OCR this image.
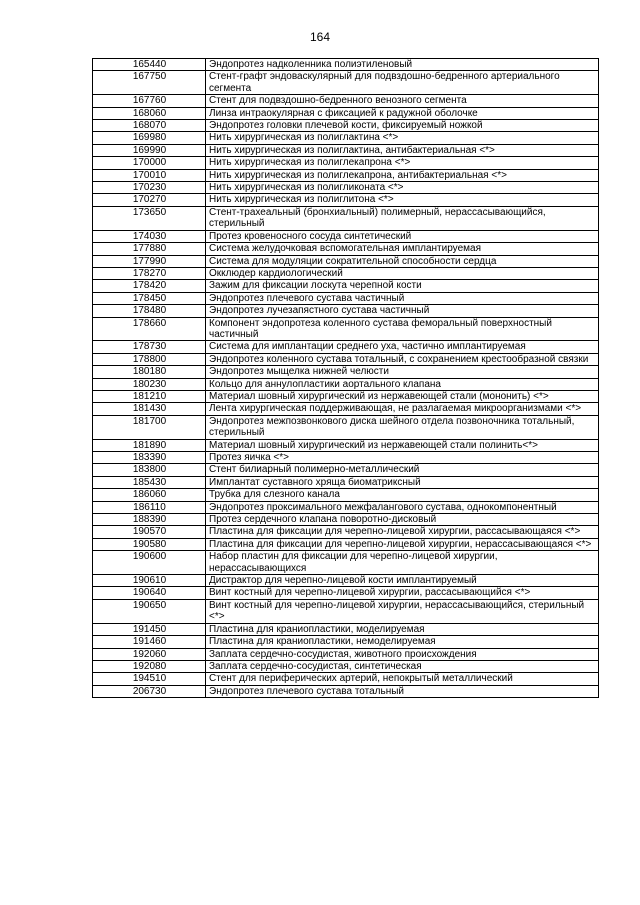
164
165440	Эндопротез надколенника полиэтиленовый
167750	Стент-графт эндоваскулярный для подвздошно-бедренного артериального сегмента
167760	Стент для подвздошно-бедренного венозного сегмента
168060	Линза интраокулярная с фиксацией к радужной оболочке
168070	Эндопротез головки плечевой кости, фиксируемый ножкой
169980	Нить хирургическая из полиглактина <*>
169990	Нить хирургическая из полиглактина, антибактериальная <*>
170000	Нить хирургическая из полиглекапрона <*>
170010	Нить хирургическая из полиглекапрона, антибактериальная <*>
170230	Нить хирургическая из полигликоната <*>
170270	Нить хирургическая из полиглитона <*>
173650	Стент-трахеальный (бронхиальный) полимерный, нерассасывающийся, стерильный
174030	Протез кровеносного сосуда синтетический
177880	Система желудочковая вспомогательная имплантируемая
177990	Система для модуляции сократительной способности сердца
178270	Окклюдер кардиологический
178420	Зажим для фиксации лоскута черепной кости
178450	Эндопротез плечевого сустава частичный
178480	Эндопротез лучезапястного сустава частичный
178660	Компонент эндопротеза коленного сустава феморальный поверхностный частичный
178730	Система для имплантации среднего уха, частично имплантируемая
178800	Эндопротез коленного сустава тотальный, с сохранением крестообразной связки
180180	Эндопротез мыщелка нижней челюсти
180230	Кольцо для аннулопластики аортального клапана
181210	Материал шовный хирургический из нержавеющей стали (мононить) <*>
181430	Лента хирургическая поддерживающая, не разлагаемая микроорганизмами <*>
181700	Эндопротез межпозвонкового диска шейного отдела позвоночника тотальный, стерильный
181890	Материал шовный хирургический из нержавеющей стали полинить<*>
183390	Протез яичка <*>
183800	Стент билиарный полимерно-металлический
185430	Имплантат суставного хряща биоматриксный
186060	Трубка для слезного канала
186110	Эндопротез проксимального межфалангового сустава, однокомпонентный
188390	Протез сердечного клапана поворотно-дисковый
190570	Пластина для фиксации для черепно-лицевой хирургии, рассасывающаяся <*>
190580	Пластина для фиксации для черепно-лицевой хирургии, нерассасывающаяся <*>
190600	Набор пластин для фиксации для черепно-лицевой хирургии, нерассасывающихся
190610	Дистрактор для черепно-лицевой кости имплантируемый
190640	Винт костный для черепно-лицевой хирургии, рассасывающийся <*>
190650	Винт костный для черепно-лицевой хирургии, нерассасывающийся, стерильный <*>
191450	Пластина для краниопластики, моделируемая
191460	Пластина для краниопластики, немоделируемая
192060	Заплата сердечно-сосудистая, животного происхождения
192080	Заплата сердечно-сосудистая, синтетическая
194510	Стент для периферических артерий, непокрытый металлический
206730	Эндопротез плечевого сустава тотальный
